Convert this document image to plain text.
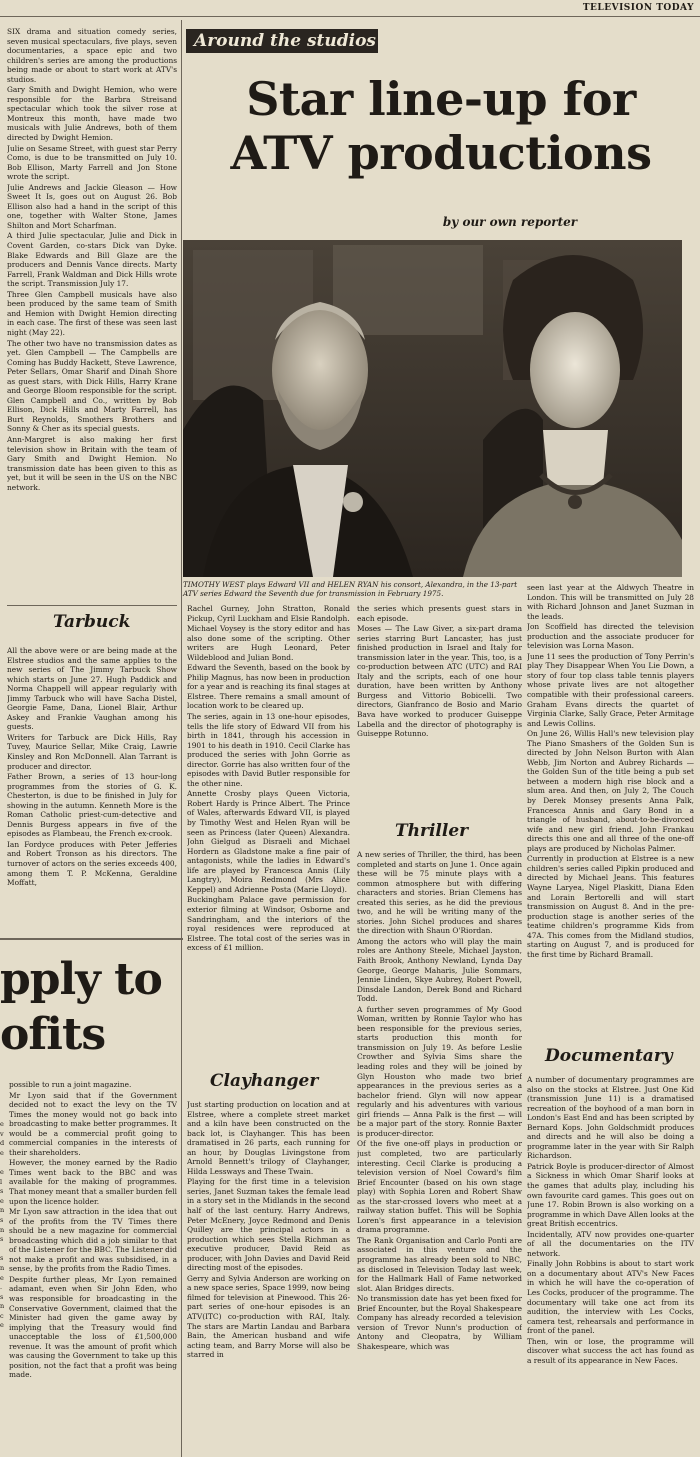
TELEVISION TODAY
Around the studios
Star line-up for
ATV productions
by our own reporter
TIMOTHY WEST plays Edward VII and HELEN RYAN his consort, Alexandra, in the 13-part ATV series Edward the Seventh due for transmission in February 1975.

SIX drama and situation comedy series, seven musical spectaculars, five plays, seven documentaries, a space epic and two children's series are among the productions being made or about to start work at ATV's studios.

Gary Smith and Dwight Hemion, who were responsible for the Barbra Streisand spectacular which took the silver rose at Montreux this month, have made two musicals with Julie Andrews, both of them directed by Dwight Hemion.

Julie on Sesame Street, with guest star Perry Como, is due to be transmitted on July 10. Bob Ellison, Marty Farrell and Jon Stone wrote the script.

Julie Andrews and Jackie Gleason — How Sweet It Is, goes out on August 26. Bob Ellison also had a hand in the script of this one, together with Walter Stone, James Shilton and Mort Scharfman.

A third Julie spectacular, Julie and Dick in Covent Garden, co-stars Dick van Dyke. Blake Edwards and Bill Glaze are the producers and Dennis Vance directs. Marty Farrell, Frank Waldman and Dick Hills wrote the script. Transmission July 17.

Three Glen Campbell musicals have also been produced by the same team of Smith and Hemion with Dwight Hemion directing in each case. The first of these was seen last night (May 22).

The other two have no transmission dates as yet. Glen Campbell — The Campbells are Coming has Buddy Hackett, Steve Lawrence, Peter Sellars, Omar Sharif and Dinah Shore as guest stars, with Dick Hills, Harry Krane and George Bloom responsible for the script. Glen Campbell and Co., written by Bob Ellison, Dick Hills and Marty Farrell, has Burt Reynolds, Smothers Brothers and Sonny & Cher as its special guests.

Ann-Margret is also making her first television show in Britain with the team of Gary Smith and Dwight Hemion. No transmission date has been given to this as yet, but it will be seen in the US on the NBC network.

Tarbuck

All the above were or are being made at the Elstree studios and the same applies to the new series of The Jimmy Tarbuck Show which starts on June 27. Hugh Paddick and Norma Chappell will appear regularly with Jimmy Tarbuck who will have Sacha Distel, Georgie Fame, Dana, Lionel Blair, Arthur Askey and Frankie Vaughan among his guests.

Writers for Tarbuck are Dick Hills, Ray Tuvey, Maurice Sellar, Mike Craig, Lawrie Kinsley and Ron McDonnell. Alan Tarrant is producer and director.

Father Brown, a series of 13 hour-long programmes from the stories of G. K. Chesterton, is due to be finished in July for showing in the autumn. Kenneth More is the Roman Catholic priest-cum-detective and Dennis Burgess appears in five of the episodes as Flambeau, the French ex-crook.

Ian Fordyce produces with Peter Jefferies and Robert Tronson as his directors. The turnover of actors on the series exceeds 400, among them T. P. McKenna, Geraldine Moffatt,

pply to
ofits

possible to run a joint magazine.

Mr Lyon said that if the Government decided not to exact the levy on the TV Times the money would not go back into broadcasting to make better programmes. It would be a commercial profit going to commercial companies in the interests of their shareholders.

However, the money earned by the Radio Times went back to the BBC and was available for the making of programmes. That money meant that a smaller burden fell upon the licence holder.

Mr Lyon saw attraction in the idea that out of the profits from the TV Times there should be a new magazine for commercial broadcasting which did a job similar to that of the Listener for the BBC. The Listener did not make a profit and was subsidised, in a sense, by the profits from the Radio Times.

Despite further pleas, Mr Lyon remained adamant, even when Sir John Eden, who was responsible for broadcasting in the Conservative Government, claimed that the Minister had given the game away by implying that the Treasury would find unacceptable the loss of £1,500,000 revenue. It was the amount of profit which was causing the Government to take up this position, not the fact that a profit was being made.

e
v
d
e

e
l
s
e
n
s
n
s

s
n
e
.
s
n
c
e

Rachel Gurney, John Stratton, Ronald Pickup, Cyril Luckham and Elsie Randolph.

Michael Voysey is the story editor and has also done some of the scripting. Other writers are Hugh Leonard, Peter Wildeblood and Julian Bond.

Edward the Seventh, based on the book by Philip Magnus, has now been in production for a year and is reaching its final stages at Elstree. There remains a small amount of location work to be cleared up.

The series, again in 13 one-hour episodes, tells the life story of Edward VII from his birth in 1841, through his accession in 1901 to his death in 1910. Cecil Clarke has produced the series with John Gorrie as director. Gorrie has also written four of the episodes with David Butler responsible for the other nine.

Annette Crosby plays Queen Victoria, Robert Hardy is Prince Albert. The Prince of Wales, afterwards Edward VII, is played by Timothy West and Helen Ryan will be seen as Princess (later Queen) Alexandra. John Gielgud as Disraeli and Michael Hordern as Gladstone make a fine pair of antagonists, while the ladies in Edward's life are played by Francesca Annis (Lily Langtry), Moira Redmond (Mrs Alice Keppel) and Adrienne Posta (Marie Lloyd).

Buckingham Palace gave permission for exterior filming at Windsor, Osborne and Sandringham, and the interiors of the royal residences were reproduced at Elstree. The total cost of the series was in excess of £1 million.

Clayhanger

Just starting production on location and at Elstree, where a complete street market and a kiln have been constructed on the back lot, is Clayhanger. This has been dramatised in 26 parts, each running for an hour, by Douglas Livingstone from Arnold Bennett's trilogy of Clayhanger, Hilda Lessways and These Twain.

Playing for the first time in a television series, Janet Suzman takes the female lead in a story set in the Midlands in the second half of the last century. Harry Andrews, Peter McEnery, Joyce Redmond and Denis Quilley are the principal actors in a production which sees Stella Richman as executive producer, David Reid as producer, with John Davies and David Reid directing most of the episodes.

Gerry and Sylvia Anderson are working on a new space series, Space 1999, now being filmed for television at Pinewood. This 26-part series of one-hour episodes is an ATV(ITC) co-production with RAI, Italy. The stars are Martin Landau and Barbara Bain, the American husband and wife acting team, and Barry Morse will also be starred in

the series which presents guest stars in each episode.

Moses — The Law Giver, a six-part drama series starring Burt Lancaster, has just finished production in Israel and Italy for transmission later in the year. This, too, is a co-production between ATC (UTC) and RAI Italy and the scripts, each of one hour duration, have been written by Anthony Burgess and Vittorio Bobicelli. Two directors, Gianfranco de Bosio and Mario Bava have worked to producer Guiseppe Labella and the director of photography is Guiseppe Rotunno.

Thriller

A new series of Thriller, the third, has been completed and starts on June 1. Once again these will be 75 minute plays with a common atmosphere but with differing characters and stories. Brian Clemens has created this series, as he did the previous two, and he will be writing many of the stories. John Sichel produces and shares the direction with Shaun O'Riordan.

Among the actors who will play the main roles are Anthony Steele, Michael Jayston, Faith Brook, Anthony Newland, Lynda Day George, George Maharis, Julie Sommars, Jennie Linden, Skye Aubrey, Robert Powell, Dinsdale Landon, Derek Bond and Richard Todd.

A further seven programmes of My Good Woman, written by Ronnie Taylor who has been responsible for the previous series, starts production this month for transmission on July 19. As before Leslie Crowther and Sylvia Sims share the leading roles and they will be joined by Glyn Houston who made two brief appearances in the previous series as a bachelor friend. Glyn will now appear regularly and his adventures with various girl friends — Anna Palk is the first — will be a major part of the story. Ronnie Baxter is producer-director.

Of the five one-off plays in production or just completed, two are particularly interesting. Cecil Clarke is producing a television version of Noel Coward's film Brief Encounter (based on his own stage play) with Sophia Loren and Robert Shaw as the star-crossed lovers who meet at a railway station buffet. This will be Sophia Loren's first appearance in a television drama programme.

The Rank Organisation and Carlo Ponti are associated in this venture and the programme has already been sold to NBC, as disclosed in Television Today last week, for the Hallmark Hall of Fame networked slot. Alan Bridges directs.

No transmission date has yet been fixed for Brief Encounter, but the Royal Shakespeare Company has already recorded a television version of Trevor Nunn's production of Antony and Cleopatra, by William Shakespeare, which was

seen last year at the Aldwych Theatre in London. This will be transmitted on July 28 with Richard Johnson and Janet Suzman in the leads.

Jon Scoffield has directed the television production and the associate producer for television was Lorna Mason.

June 11 sees the production of Tony Perrin's play They Disappear When You Lie Down, a story of four top class table tennis players whose private lives are not altogether compatible with their professional careers. Graham Evans directs the quartet of Virginia Clarke, Sally Grace, Peter Armitage and Lewis Collins.

On June 26, Willis Hall's new television play The Piano Smashers of the Golden Sun is directed by John Nelson Burton with Alan Webb, Jim Norton and Aubrey Richards — the Golden Sun of the title being a pub set between a modern high rise block and a slum area. And then, on July 2, The Couch by Derek Monsey presents Anna Palk, Francesca Annis and Gary Bond in a triangle of husband, about-to-be-divorced wife and new girl friend. John Frankau directs this one and all three of the one-off plays are produced by Nicholas Palmer.

Currently in production at Elstree is a new children's series called Pipkin produced and directed by Michael Jeans. This features Wayne Laryea, Nigel Plaskitt, Diana Eden and Lorain Bertorelli and will start transmission on August 8. And in the pre-production stage is another series of the teatime children's programme Kids from 47A. This comes from the Midland studios, starting on August 7, and is produced for the first time by Richard Bramall.

Documentary

A number of documentary programmes are also on the stocks at Elstree. Just One Kid (transmission June 11) is a dramatised recreation of the boyhood of a man born in London's East End and has been scripted by Bernard Kops. John Goldschmidt produces and directs and he will also be doing a programme later in the year with Sir Ralph Richardson.

Patrick Boyle is producer-director of Almost a Sickness in which Omar Sharif looks at the games that adults play, including his own favourite card games. This goes out on June 17. Robin Brown is also working on a programme in which Dave Allen looks at the great British eccentrics.

Incidentally, ATV now provides one-quarter of all the documentaries on the ITV network.

Finally John Robbins is about to start work on a documentary about ATV's New Faces in which he will have the co-operation of Les Cocks, producer of the programme. The documentary will take one act from its audition, the interview with Les Cocks, camera test, rehearsals and performance in front of the panel.

Then, win or lose, the programme will discover what success the act has found as a result of its appearance in New Faces.
